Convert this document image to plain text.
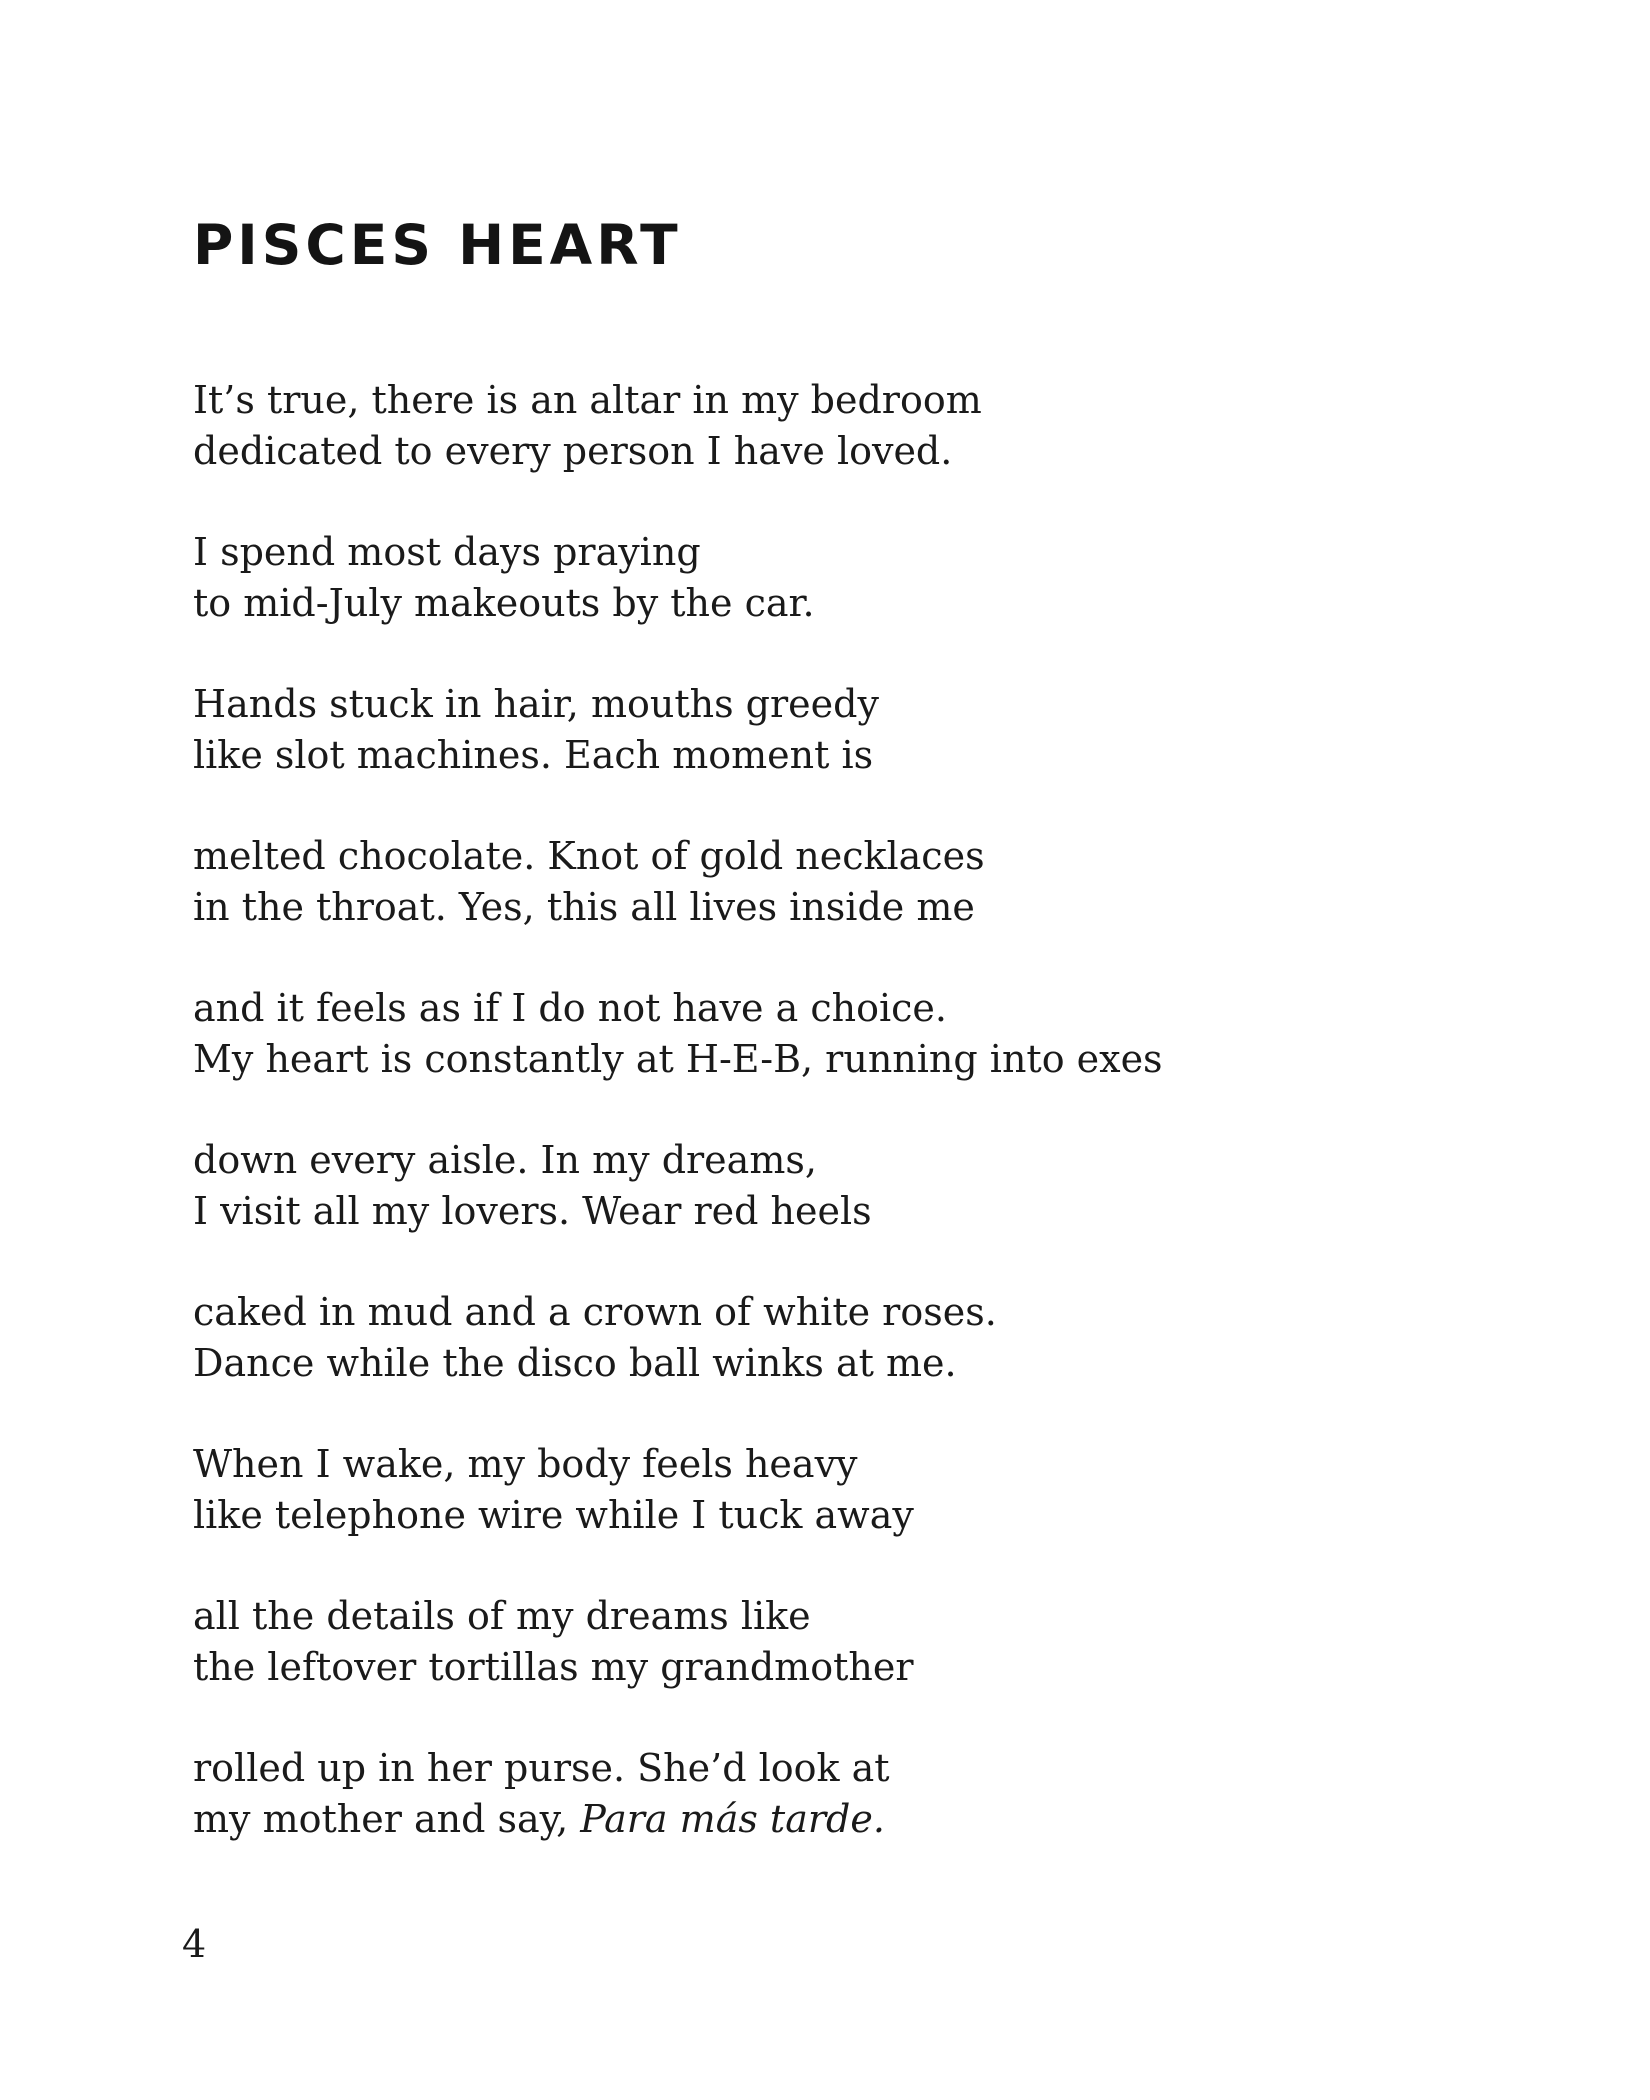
PISCES HEART

It’s true, there is an altar in my bedroom
dedicated to every person I have loved.

I spend most days praying
to mid-July makeouts by the car.

Hands stuck in hair, mouths greedy
like slot machines. Each moment is

melted chocolate. Knot of gold necklaces
in the throat. Yes, this all lives inside me

and it feels as if I do not have a choice.
My heart is constantly at H-E-B, running into exes

down every aisle. In my dreams,
I visit all my lovers. Wear red heels

caked in mud and a crown of white roses.
Dance while the disco ball winks at me.

When I wake, my body feels heavy
like telephone wire while I tuck away

all the details of my dreams like
the leftover tortillas my grandmother

rolled up in her purse. She’d look at
my mother and say, Para más tarde.

4
